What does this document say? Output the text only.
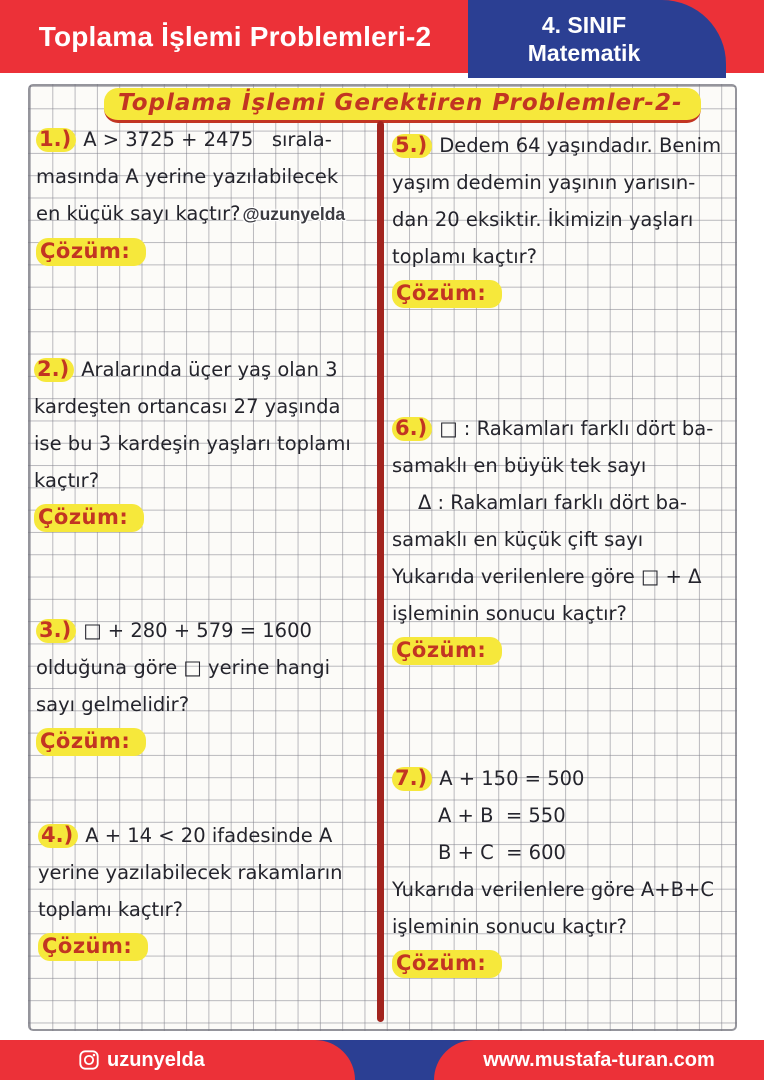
Toplama İşlemi Problemleri-2	4. SINIF
Matematik
Toplama İşlemi Gerektiren Problemler-2-
1.) A > 3725 + 2475   sırala-
masında A yerine yazılabilecek
en küçük sayı kaçtır? @uzunyelda
Çözüm:
2.) Aralarında üçer yaş olan 3
kardeşten ortancası 27 yaşında
ise bu 3 kardeşin yaşları toplamı
kaçtır?
Çözüm:
3.) □ + 280 + 579 = 1600
olduğuna göre □ yerine hangi
sayı gelmelidir?
Çözüm:
4.) A + 14 < 20 ifadesinde A
yerine yazılabilecek rakamların
toplamı kaçtır?
Çözüm:
5.) Dedem 64 yaşındadır. Benim
yaşım dedemin yaşının yarısın-
dan 20 eksiktir. İkimizin yaşları
toplamı kaçtır?
Çözüm:
6.) □ : Rakamları farklı dört ba-
samaklı en büyük tek sayı
Δ : Rakamları farklı dört ba-
samaklı en küçük çift sayı
Yukarıda verilenlere göre □ + Δ
işleminin sonucu kaçtır?
Çözüm:
7.) A + 150 = 500
A + B  = 550
B + C  = 600
Yukarıda verilenlere göre A+B+C
işleminin sonucu kaçtır?
Çözüm:
uzunyelda	www.mustafa-turan.com
